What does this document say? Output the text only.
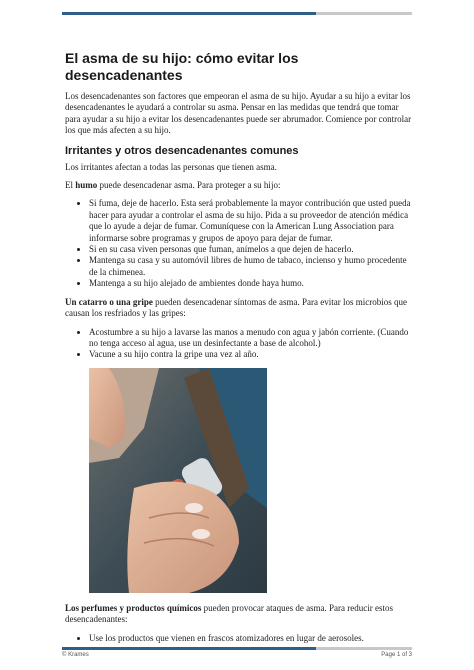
El asma de su hijo: cómo evitar los desencadenantes

Los desencadenantes son factores que empeoran el asma de su hijo. Ayudar a su hijo a evitar los desencadenantes le ayudará a controlar su asma. Pensar en las medidas que tendrá que tomar para ayudar a su hijo a evitar los desencadenantes puede ser abrumador. Comience por controlar los que más afecten a su hijo.

Irritantes y otros desencadenantes comunes

Los irritantes afectan a todas las personas que tienen asma.

El humo puede desencadenar asma. Para proteger a su hijo:

• Si fuma, deje de hacerlo. Esta será probablemente la mayor contribución que usted pueda hacer para ayudar a controlar el asma de su hijo. Pida a su proveedor de atención médica que lo ayude a dejar de fumar. Comuníquese con la American Lung Association para informarse sobre programas y grupos de apoyo para dejar de fumar.
• Si en su casa viven personas que fuman, anímelos a que dejen de hacerlo.
• Mantenga su casa y su automóvil libres de humo de tabaco, incienso y humo procedente de la chimenea.
• Mantenga a su hijo alejado de ambientes donde haya humo.

Un catarro o una gripe pueden desencadenar síntomas de asma. Para evitar los microbios que causan los resfriados y las gripes:

• Acostumbre a su hijo a lavarse las manos a menudo con agua y jabón corriente. (Cuando no tenga acceso al agua, use un desinfectante a base de alcohol.)
• Vacune a su hijo contra la gripe una vez al año.

Los perfumes y productos químicos pueden provocar ataques de asma. Para reducir estos desencadenantes:

• Use los productos que vienen en frascos atomizadores en lugar de aerosoles.
© Krames	Page 1 of 3
